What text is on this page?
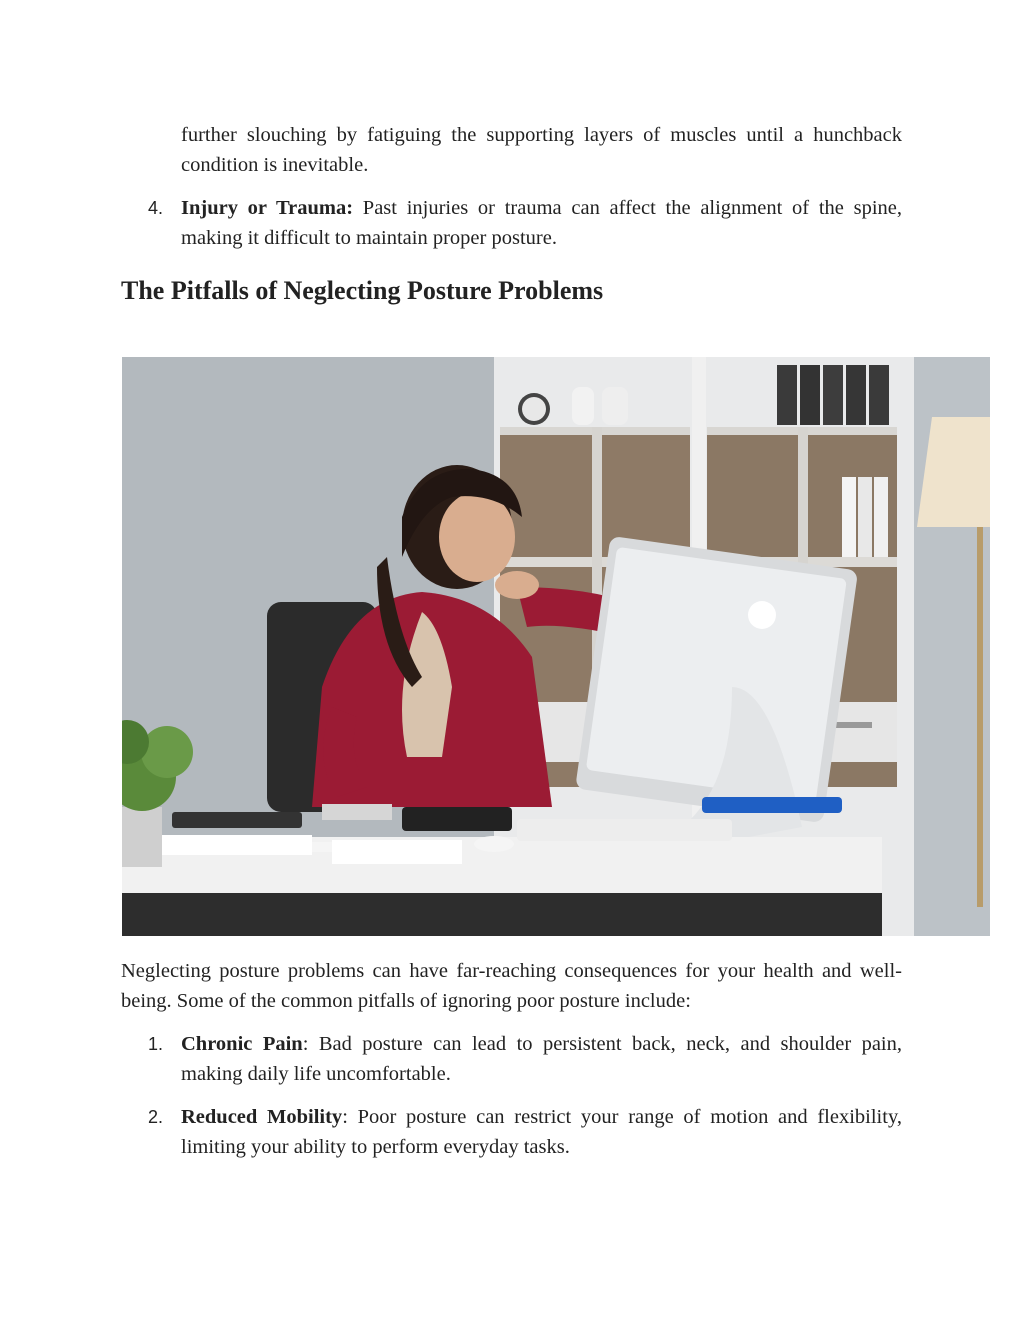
further slouching by fatiguing the supporting layers of muscles until a hunchback condition is inevitable.

4. Injury or Trauma: Past injuries or trauma can affect the alignment of the spine, making it difficult to maintain proper posture.

The Pitfalls of Neglecting Posture Problems

Neglecting posture problems can have far-reaching consequences for your health and well-being. Some of the common pitfalls of ignoring poor posture include:

1. Chronic Pain: Bad posture can lead to persistent back, neck, and shoulder pain, making daily life uncomfortable.

2. Reduced Mobility: Poor posture can restrict your range of motion and flexibility, limiting your ability to perform everyday tasks.
